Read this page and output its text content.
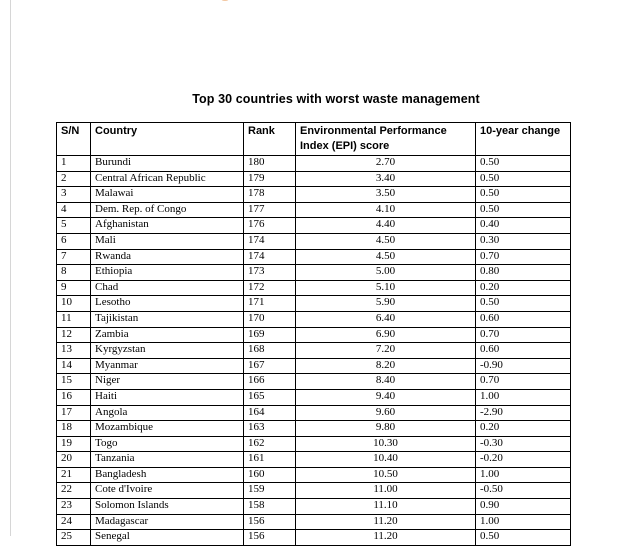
Top 30 countries with worst waste management
S/N	Country	Rank	Environmental Performance Index (EPI) score	10-year change
1	Burundi	180	2.70	0.50
2	Central African Republic	179	3.40	0.50
3	Malawai	178	3.50	0.50
4	Dem. Rep. of Congo	177	4.10	0.50
5	Afghanistan	176	4.40	0.40
6	Mali	174	4.50	0.30
7	Rwanda	174	4.50	0.70
8	Ethiopia	173	5.00	0.80
9	Chad	172	5.10	0.20
10	Lesotho	171	5.90	0.50
11	Tajikistan	170	6.40	0.60
12	Zambia	169	6.90	0.70
13	Kyrgyzstan	168	7.20	0.60
14	Myanmar	167	8.20	-0.90
15	Niger	166	8.40	0.70
16	Haiti	165	9.40	1.00
17	Angola	164	9.60	-2.90
18	Mozambique	163	9.80	0.20
19	Togo	162	10.30	-0.30
20	Tanzania	161	10.40	-0.20
21	Bangladesh	160	10.50	1.00
22	Cote d'Ivoire	159	11.00	-0.50
23	Solomon Islands	158	11.10	0.90
24	Madagascar	156	11.20	1.00
25	Senegal	156	11.20	0.50
